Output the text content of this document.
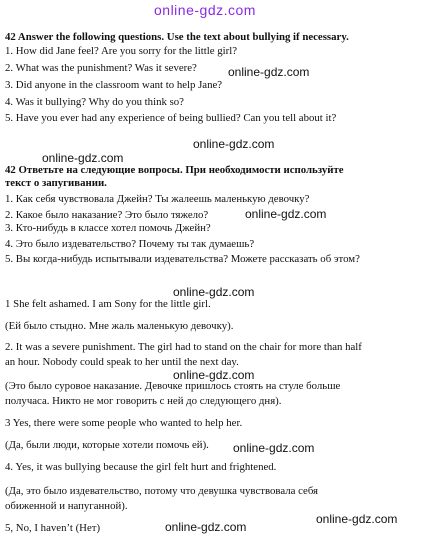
online-gdz.com
42 Answer the following questions. Use the text about bullying if necessary.
1. How did Jane feel? Are you sorry for the little girl?
2. What was the punishment? Was it severe?	online-gdz.com
3. Did anyone in the classroom want to help Jane?
4. Was it bullying? Why do you think so?
5. Have you ever had any experience of being bullied? Can you tell about it?
online-gdz.com
online-gdz.com
42 Ответьте на следующие вопросы. При необходимости используйте
текст о запугивании.
1. Как себя чувствовала Джейн? Ты жалеешь маленькую девочку?
2. Какое было наказание? Это было тяжело?	online-gdz.com
3. Кто-нибудь в классе хотел помочь Джейн?
4. Это было издевательство? Почему ты так думаешь?
5. Вы когда-нибудь испытывали издевательства? Можете рассказать об этом?
online-gdz.com
1 She felt ashamed. I am Sony for the little girl.
(Ей было стыдно. Мне жаль маленькую девочку).
2. It was a severe punishment. The girl had to stand on the chair for more than half
an hour. Nobody could speak to her until the next day.
online-gdz.com
(Это было суровое наказание. Девочке пришлось стоять на стуле больше
получаса. Никто не мог говорить с ней до следующего дня).
3 Yes, there were some people who wanted to help her.
(Да, были люди, которые хотели помочь ей). online-gdz.com
4. Yes, it was bullying because the girl felt hurt and frightened.
(Да, это было издевательство, потому что девушка чувствовала себя
обиженной и напуганной).
online-gdz.com
5, No, I haven’t (Нет)	online-gdz.com
